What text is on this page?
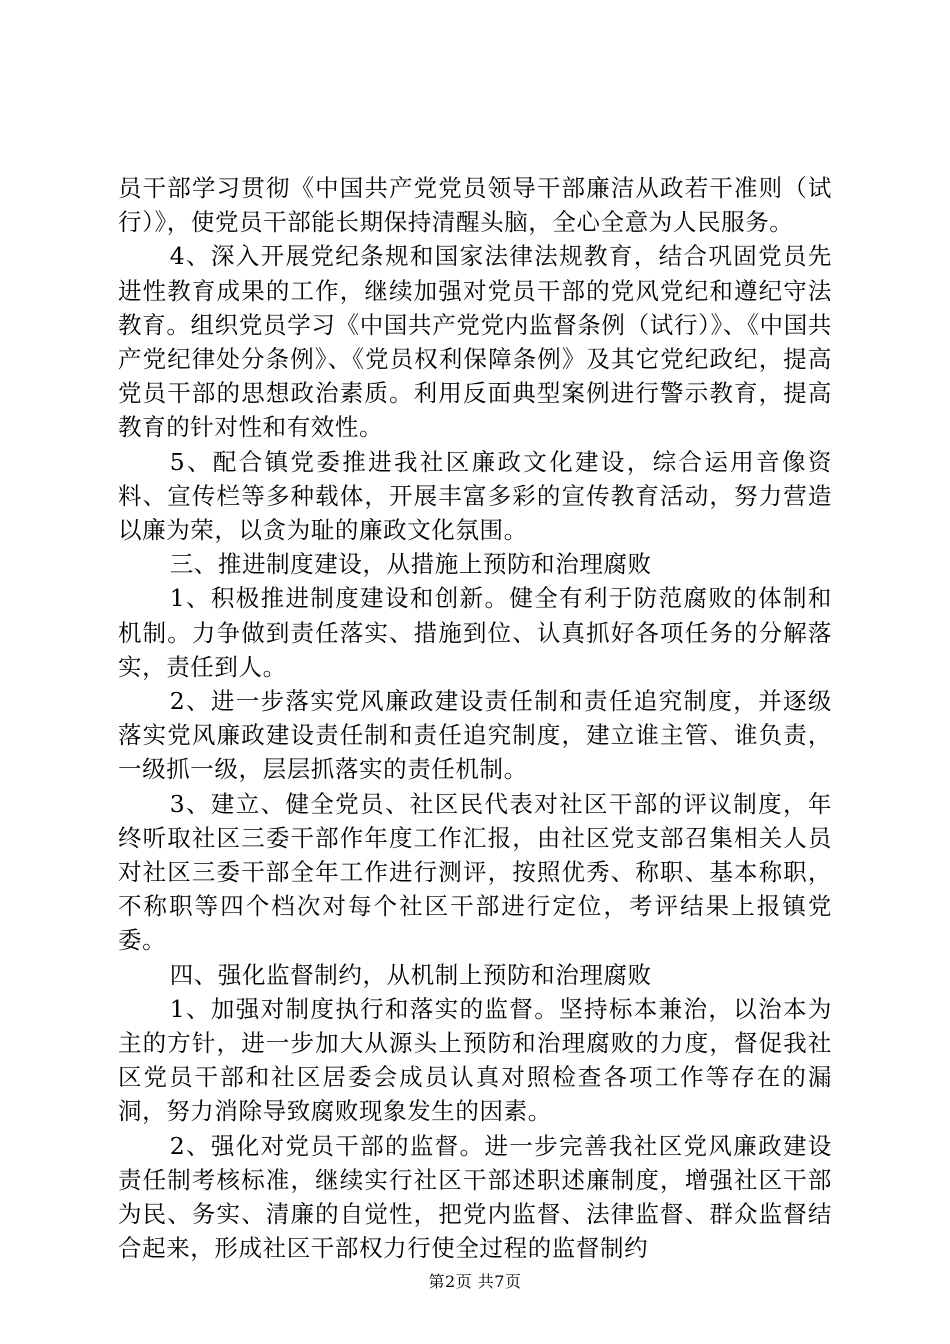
员干部学习贯彻《中国共产党党员领导干部廉洁从政若干准则（试行）》，使党员干部能长期保持清醒头脑，全心全意为人民服务。

4、深入开展党纪条规和国家法律法规教育，结合巩固党员先进性教育成果的工作，继续加强对党员干部的党风党纪和遵纪守法教育。组织党员学习《中国共产党党内监督条例（试行）》、《中国共产党纪律处分条例》、《党员权利保障条例》及其它党纪政纪，提高党员干部的思想政治素质。利用反面典型案例进行警示教育，提高教育的针对性和有效性。

5、配合镇党委推进我社区廉政文化建设，综合运用音像资料、宣传栏等多种载体，开展丰富多彩的宣传教育活动，努力营造以廉为荣，以贪为耻的廉政文化氛围。

三、推进制度建设，从措施上预防和治理腐败

1、积极推进制度建设和创新。健全有利于防范腐败的体制和机制。力争做到责任落实、措施到位、认真抓好各项任务的分解落实，责任到人。

2、进一步落实党风廉政建设责任制和责任追究制度，并逐级落实党风廉政建设责任制和责任追究制度，建立谁主管、谁负责，一级抓一级，层层抓落实的责任机制。

3、建立、健全党员、社区民代表对社区干部的评议制度，年终听取社区三委干部作年度工作汇报，由社区党支部召集相关人员对社区三委干部全年工作进行测评，按照优秀、称职、基本称职，不称职等四个档次对每个社区干部进行定位，考评结果上报镇党委。

四、强化监督制约，从机制上预防和治理腐败

1、加强对制度执行和落实的监督。坚持标本兼治，以治本为主的方针，进一步加大从源头上预防和治理腐败的力度，督促我社区党员干部和社区居委会成员认真对照检查各项工作等存在的漏洞，努力消除导致腐败现象发生的因素。

2、强化对党员干部的监督。进一步完善我社区党风廉政建设责任制考核标准，继续实行社区干部述职述廉制度，增强社区干部为民、务实、清廉的自觉性，把党内监督、法律监督、群众监督结合起来，形成社区干部权力行使全过程的监督制约

第2页 共7页
